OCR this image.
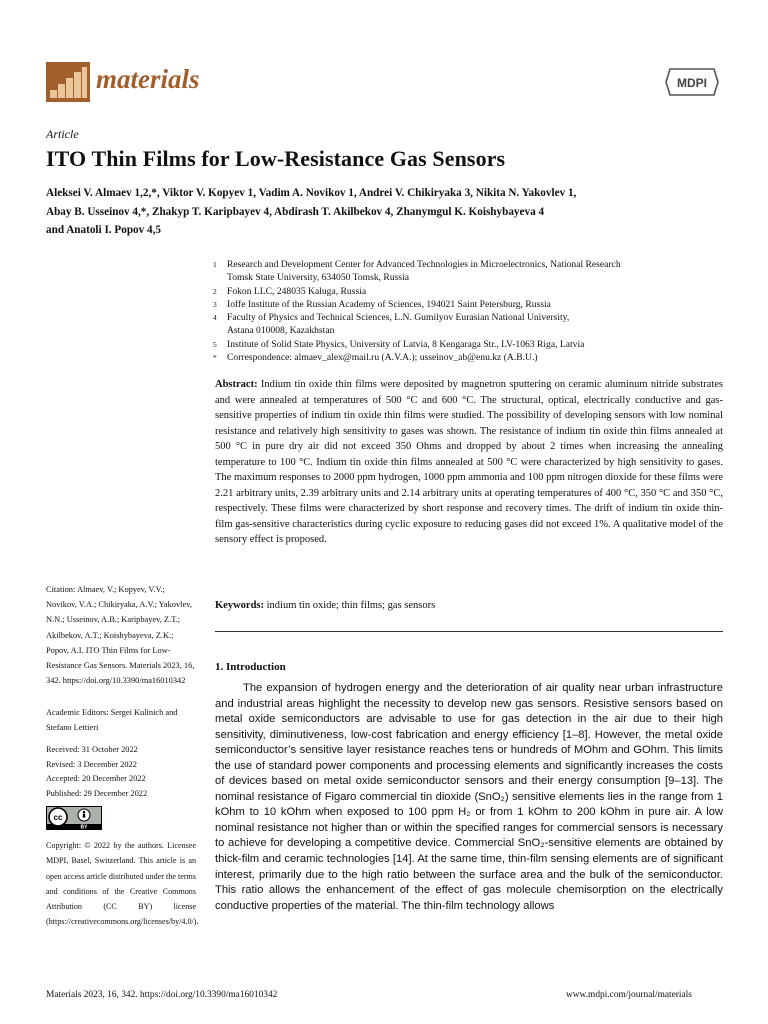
materials	MDPI
Article
ITO Thin Films for Low-Resistance Gas Sensors
Aleksei V. Almaev 1,2,*, Viktor V. Kopyev 1, Vadim A. Novikov 1, Andrei V. Chikiryaka 3, Nikita N. Yakovlev 1,
Abay B. Usseinov 4,*, Zhakyp T. Karipbayev 4, Abdirash T. Akilbekov 4, Zhanymgul K. Koishybayeva 4
and Anatoli I. Popov 4,5
1	Research and Development Center for Advanced Technologies in Microelectronics, National Research
Tomsk State University, 634050 Tomsk, Russia
2	Fokon LLC, 248035 Kaluga, Russia
3	Ioffe Institute of the Russian Academy of Sciences, 194021 Saint Petersburg, Russia
4	Faculty of Physics and Technical Sciences, L.N. Gumilyov Eurasian National University,
Astana 010008, Kazakhstan
5	Institute of Solid State Physics, University of Latvia, 8 Kengaraga Str., LV-1063 Riga, Latvia
*	Correspondence: almaev_alex@mail.ru (A.V.A.); usseinov_ab@enu.kz (A.B.U.)
Abstract: Indium tin oxide thin films were deposited by magnetron sputtering on ceramic aluminum nitride substrates and were annealed at temperatures of 500 °C and 600 °C. The structural, optical, electrically conductive and gas-sensitive properties of indium tin oxide thin films were studied. The possibility of developing sensors with low nominal resistance and relatively high sensitivity to gases was shown. The resistance of indium tin oxide thin films annealed at 500 °C in pure dry air did not exceed 350 Ohms and dropped by about 2 times when increasing the annealing temperature to 100 °C. Indium tin oxide thin films annealed at 500 °C were characterized by high sensitivity to gases. The maximum responses to 2000 ppm hydrogen, 1000 ppm ammonia and 100 ppm nitrogen dioxide for these films were 2.21 arbitrary units, 2.39 arbitrary units and 2.14 arbitrary units at operating temperatures of 400 °C, 350 °C and 350 °C, respectively. These films were characterized by short response and recovery times. The drift of indium tin oxide thin-film gas-sensitive characteristics during cyclic exposure to reducing gases did not exceed 1%. A qualitative model of the sensory effect is proposed.
Keywords: indium tin oxide; thin films; gas sensors
1. Introduction
The expansion of hydrogen energy and the deterioration of air quality near urban infrastructure and industrial areas highlight the necessity to develop new gas sensors. Resistive sensors based on metal oxide semiconductors are advisable to use for gas detection in the air due to their high sensitivity, diminutiveness, low-cost fabrication and energy efficiency [1–8]. However, the metal oxide semiconductor’s sensitive layer resistance reaches tens or hundreds of MOhm and GOhm. This limits the use of standard power components and processing elements and significantly increases the costs of devices based on metal oxide semiconductor sensors and their energy consumption [9–13]. The nominal resistance of Figaro commercial tin dioxide (SnO₂) sensitive elements lies in the range from 1 kOhm to 10 kOhm when exposed to 100 ppm H₂ or from 1 kOhm to 200 kOhm in pure air. A low nominal resistance not higher than or within the specified ranges for commercial sensors is necessary to achieve for developing a competitive device. Commercial SnO₂-sensitive elements are obtained by thick-film and ceramic technologies [14]. At the same time, thin-film sensing elements are of significant interest, primarily due to the high ratio between the surface area and the bulk of the semiconductor. This ratio allows the enhancement of the effect of gas molecule chemisorption on the electrically conductive properties of the material. The thin-film technology allows
Citation: Almaev, V.; Kopyev, V.V.; Novikov, V.A.; Chikiryaka, A.V.; Yakovlev, N.N.; Usseinov, A.B.; Karipbayev, Z.T.; Akilbekov, A.T.; Koishybayeva, Z.K.; Popov, A.I. ITO Thin Films for Low-Resistance Gas Sensors. Materials 2023, 16, 342. https://doi.org/10.3390/ma16010342
Academic Editors: Sergei Kulinich and Stefano Lettieri
Received: 31 October 2022
Revised: 3 December 2022
Accepted: 20 December 2022
Published: 29 December 2022
cc
BY
Copyright: © 2022 by the authors. Licensee MDPI, Basel, Switzerland. This article is an open access article distributed under the terms and conditions of the Creative Commons Attribution (CC BY) license (https://creativecommons.org/licenses/by/4.0/).
Materials 2023, 16, 342. https://doi.org/10.3390/ma16010342	www.mdpi.com/journal/materials
